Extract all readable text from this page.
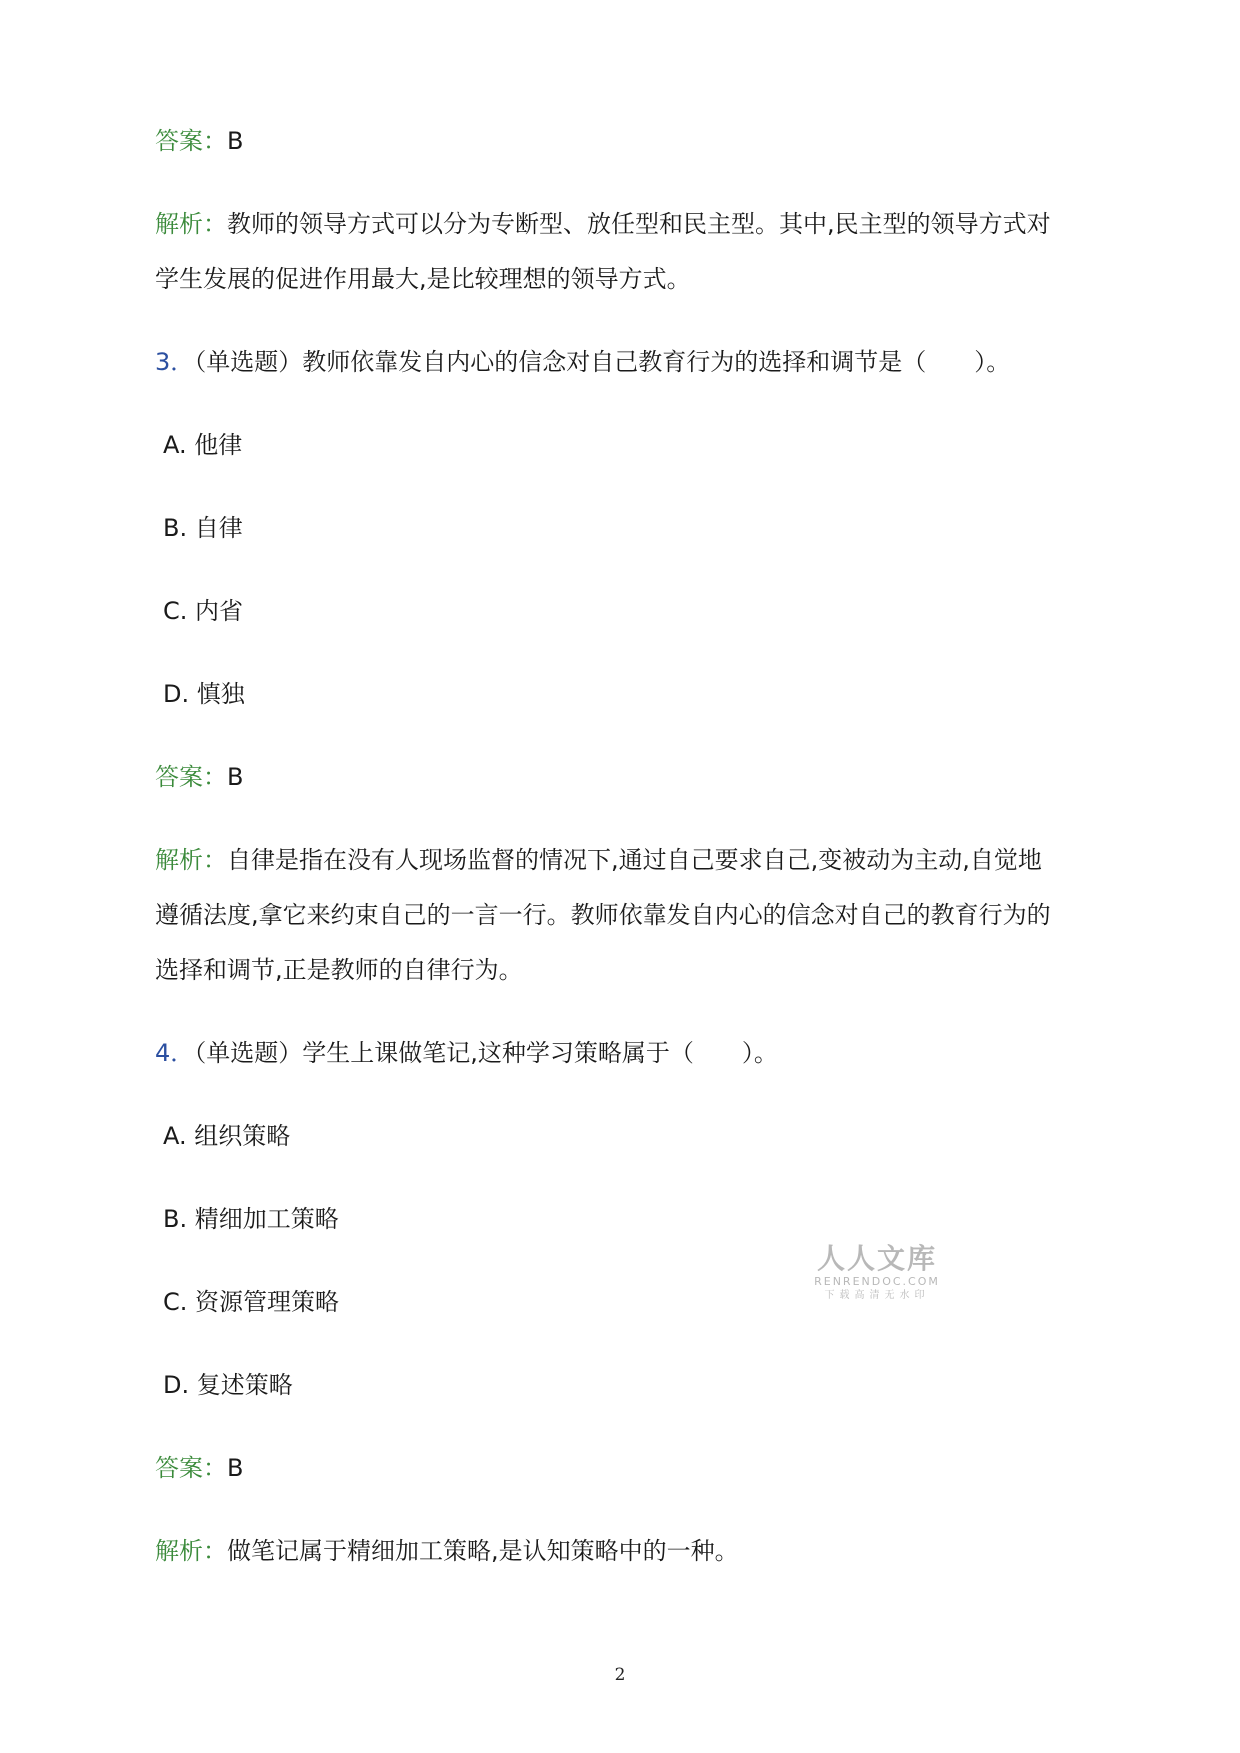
答案：B
解析：教师的领导方式可以分为专断型、放任型和民主型。其中,民主型的领导方式对
学生发展的促进作用最大,是比较理想的领导方式。
3．（单选题）教师依靠发自内心的信念对自己教育行为的选择和调节是（　　）。
A. 他律
B. 自律
C. 内省
D. 慎独
答案：B
解析：自律是指在没有人现场监督的情况下,通过自己要求自己,变被动为主动,自觉地
遵循法度,拿它来约束自己的一言一行。教师依靠发自内心的信念对自己的教育行为的
选择和调节,正是教师的自律行为。
4．（单选题）学生上课做笔记,这种学习策略属于（　　）。
A. 组织策略
B. 精细加工策略
C. 资源管理策略
D. 复述策略
答案：B
解析：做笔记属于精细加工策略,是认知策略中的一种。
人人文库
RENRENDOC.COM
下载高清无水印
2
